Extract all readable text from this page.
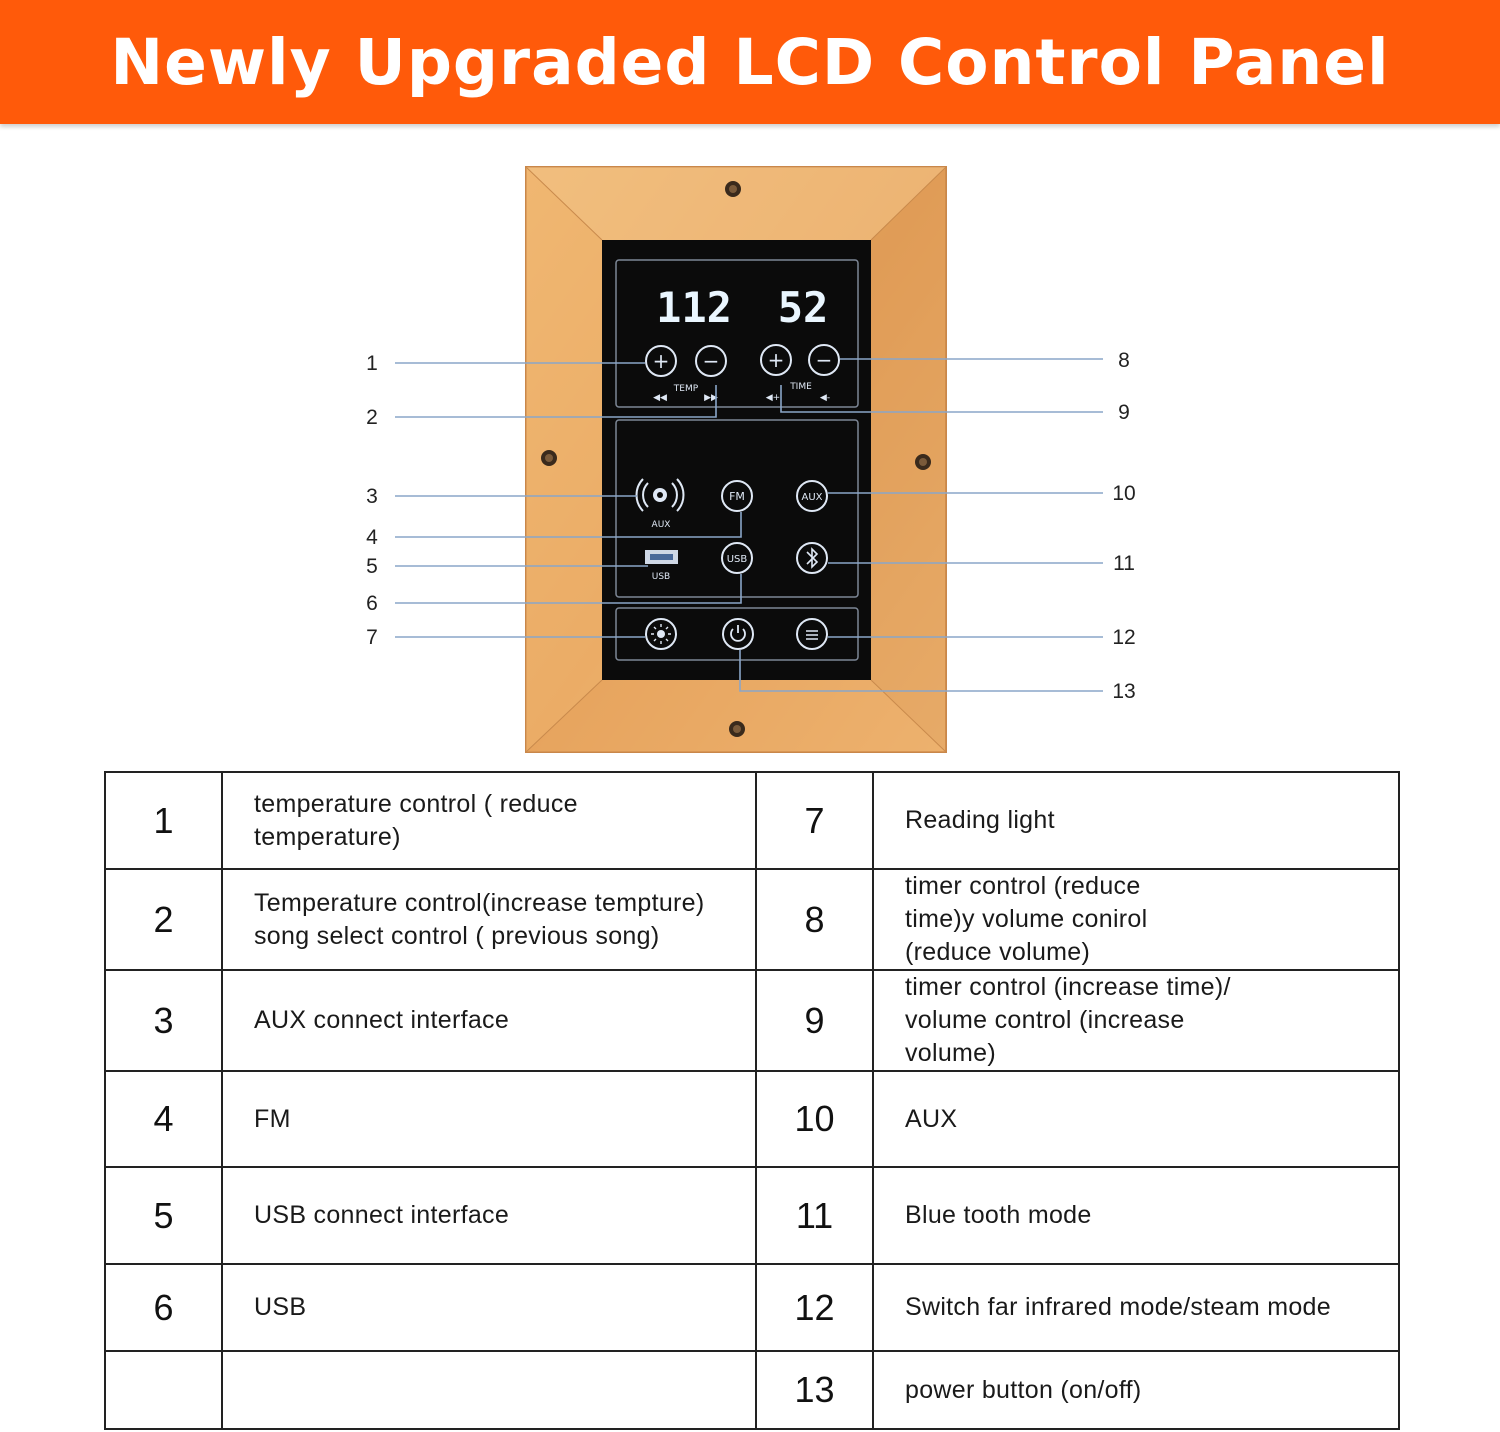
Newly Upgraded LCD Control Panel
112 52
+ − + −
TEMP	TIME
◀◀	▶▶	◀+	◀-
AUX
FM	AUX
USB
USB
1
2
3
4
5
6
7
8
9
10
11
12
13
1	temperature control ( reduce temperature)	7	Reading light
2	Temperature control(increase tempture) song select control ( previous song)	8	timer control (reduce time)y volume conirol (reduce volume)
3	AUX connect interface	9	timer control (increase time)/ volume control (increase volume)
4	FM	10	AUX
5	USB connect interface	11	Blue tooth mode
6	USB	12	Switch far infrared mode/steam mode
		13	power button (on/off)
